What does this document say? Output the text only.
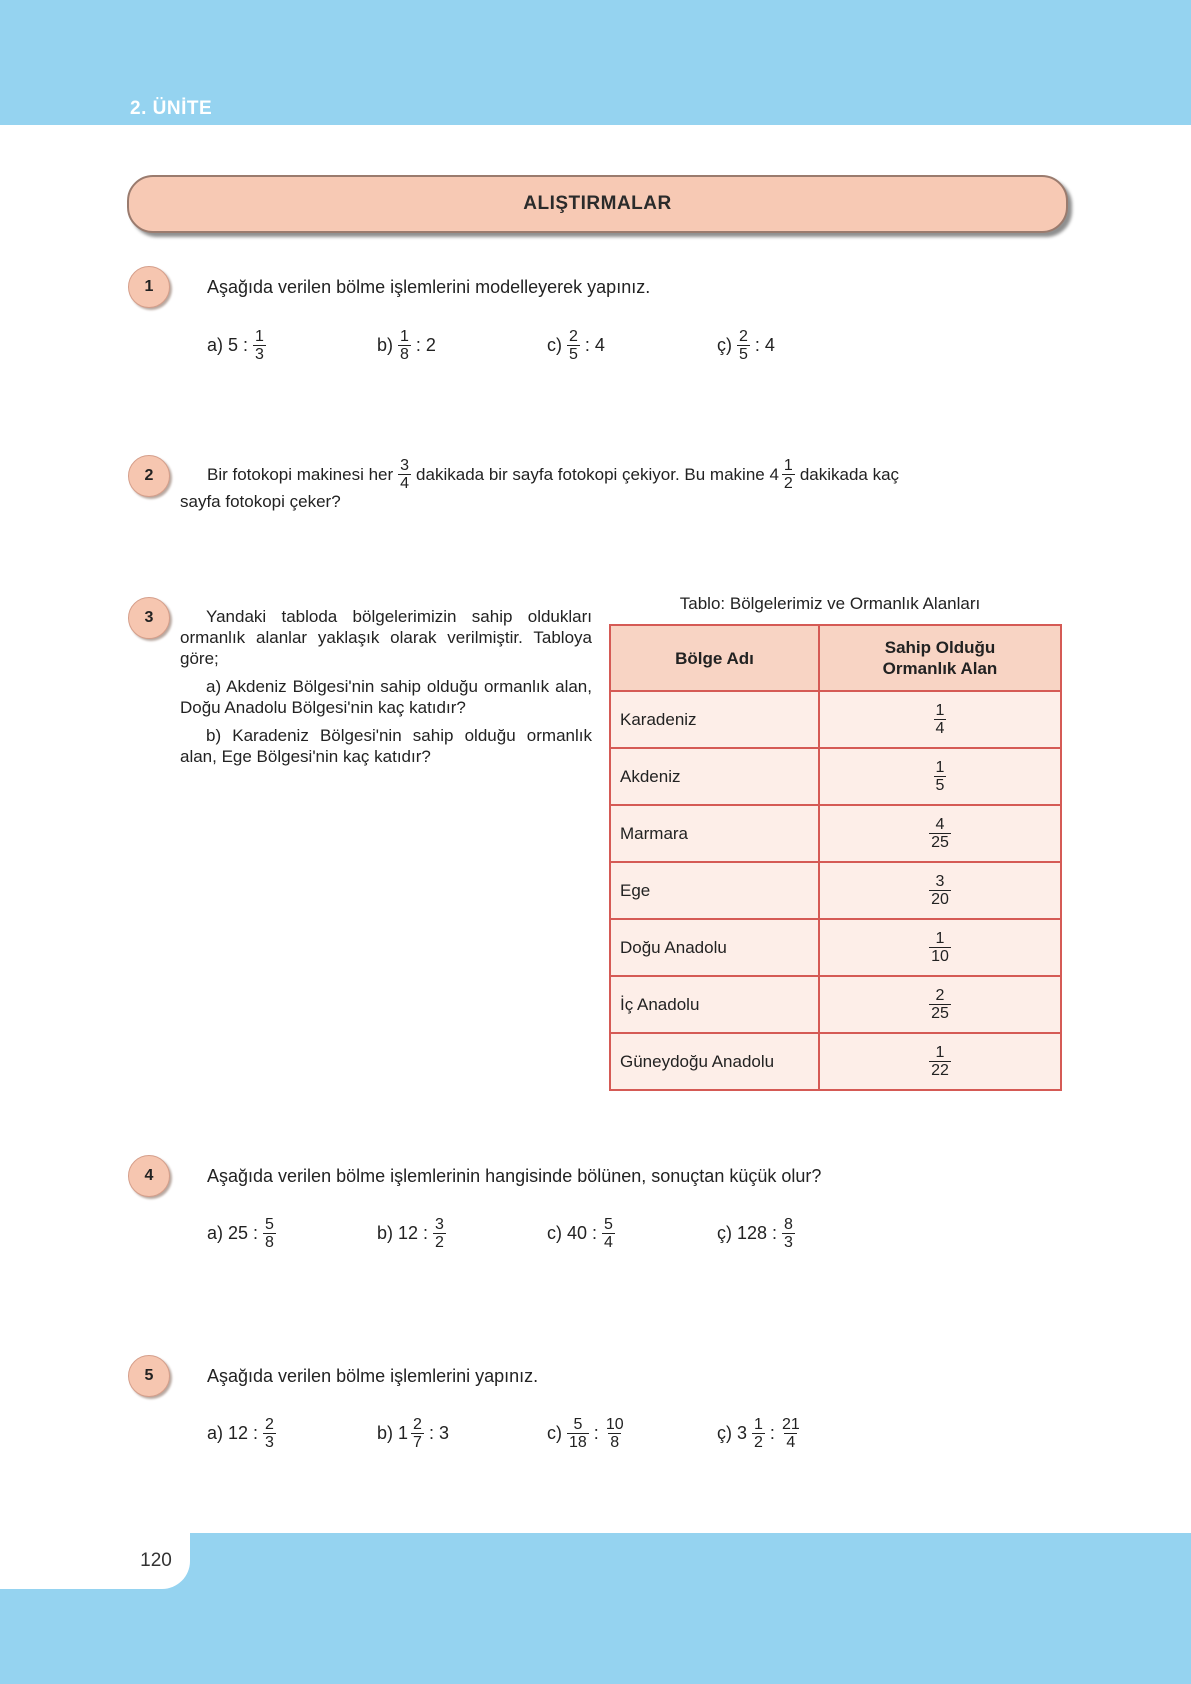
2. ÜNİTE
120
ALIŞTIRMALAR
1	Aşağıda verilen bölme işlemlerini modelleyerek yapınız.
a) 5 : $\frac{1}{3}$	$b) \frac{1}{8}$ : 2	$c) \frac{2}{5}$ : 4	ç) $\frac{2}{5}$ : 4
2	Bir fotokopi makinesi her $\frac{3}{4}$ dakikada bir sayfa fotokopi çekiyor. Bu makine $4 \frac{1}{2}$ dakikada kaç
sayfa fotokopi çeker?
3	Yandaki tabloda bölgelerimizin sahip oldukları ormanlık alanlar yaklaşık olarak verilmiştir. Tabloya göre;

a) Akdeniz Bölgesi'nin sahip olduğu ormanlık alan, Doğu Anadolu Bölgesi'nin kaç katıdır?

b) Karadeniz Bölgesi'nin sahip olduğu ormanlık alan, Ege Bölgesi'nin kaç katıdır?

Tablo: Bölgelerimiz ve Ormanlık Alanları
Bölge Adı	Sahip Olduğu
Ormanlık Alan
Karadeniz	$\frac{1}{4}$

Akdeniz	$\frac{1}{5}$

Marmara	$\frac{4}{25}$

Ege	$\frac{3}{20}$

Doğu Anadolu	$\frac{1}{10}$

İç Anadolu	$\frac{2}{25}$

Güneydoğu Anadolu	$\frac{1}{22}$
4	Aşağıda verilen bölme işlemlerinin hangisinde bölünen, sonuçtan küçük olur?
a) 25 : $\frac{5}{8}$	b) 12 : $\frac{3}{2}$	c) 40 : $\frac{5}{4}$	ç) 128 : $\frac{8}{3}$
5	Aşağıda verilen bölme işlemlerini yapınız.
a) 12 : $\frac{2}{3}$	b) $1 \frac{2}{7}$ : 3	$c) \frac{5}{18}$ : $\frac{10}{8}$	ç) $3 \frac{1}{2}$ : $\frac{21}{4}$
